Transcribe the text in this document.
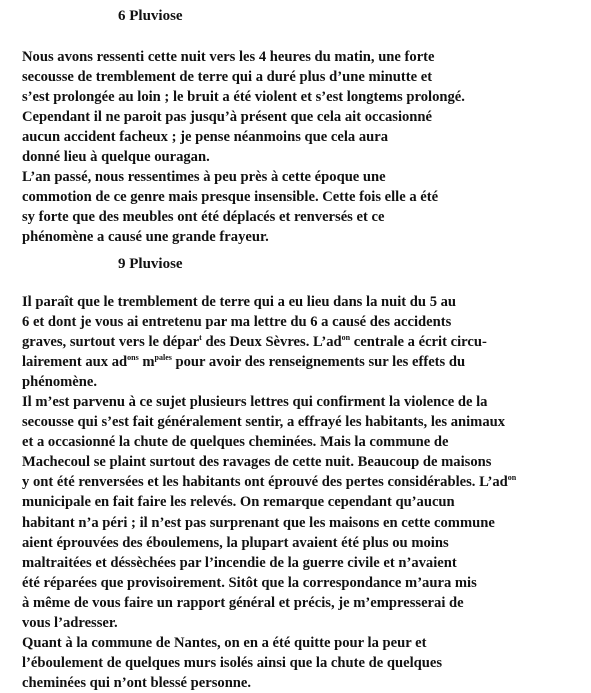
6 Pluviose
Nous avons ressenti cette nuit vers les 4 heures du matin, une forte
secousse de tremblement de terre qui a duré plus d’une minutte et
s’est prolongée au loin ; le bruit a été violent et s’est longtems prolongé.
Cependant il ne paroit pas jusqu’à présent que cela ait occasionné
aucun accident facheux ; je pense néanmoins que cela aura
donné lieu à quelque ouragan.
L’an passé, nous ressentimes à peu près à cette époque une
commotion de ce genre mais presque insensible. Cette fois elle a été
sy forte que des meubles ont été déplacés et renversés et ce
phénomène a causé une grande frayeur.
9 Pluviose
Il paraît que le tremblement de terre qui a eu lieu dans la nuit du 5 au
6 et dont je vous ai entretenu par ma lettre du 6 a causé des accidents
graves, surtout vers le dépar$^t$ des Deux Sèvres. $L’ad^{on}$ centrale a écrit circu-
lairement aux $ad^{ons}$ $m^{pales}$ pour avoir des renseignements sur les effets du
phénomène.
Il m’est parvenu à ce sujet plusieurs lettres qui confirment la violence de la
secousse qui s’est fait généralement sentir, a effrayé les habitants, les animaux
et a occasionné la chute de quelques cheminées. Mais la commune de
Machecoul se plaint surtout des ravages de cette nuit. Beaucoup de maisons
y ont été renversées et les habitants ont éprouvé des pertes considérables. $L’ad^{on}$
municipale en fait faire les relevés. On remarque cependant qu’aucun
habitant n’a péri ; il n’est pas surprenant que les maisons en cette commune
aient éprouvées des éboulemens, la plupart avaient été plus ou moins
maltraitées et déssèchées par l’incendie de la guerre civile et n’avaient
été réparées que provisoirement. Sitôt que la correspondance m’aura mis
à même de vous faire un rapport général et précis, je m’empresserai de
vous l’adresser.
Quant à la commune de Nantes, on en a été quitte pour la peur et
l’éboulement de quelques murs isolés ainsi que la chute de quelques
cheminées qui n’ont blessé personne.
